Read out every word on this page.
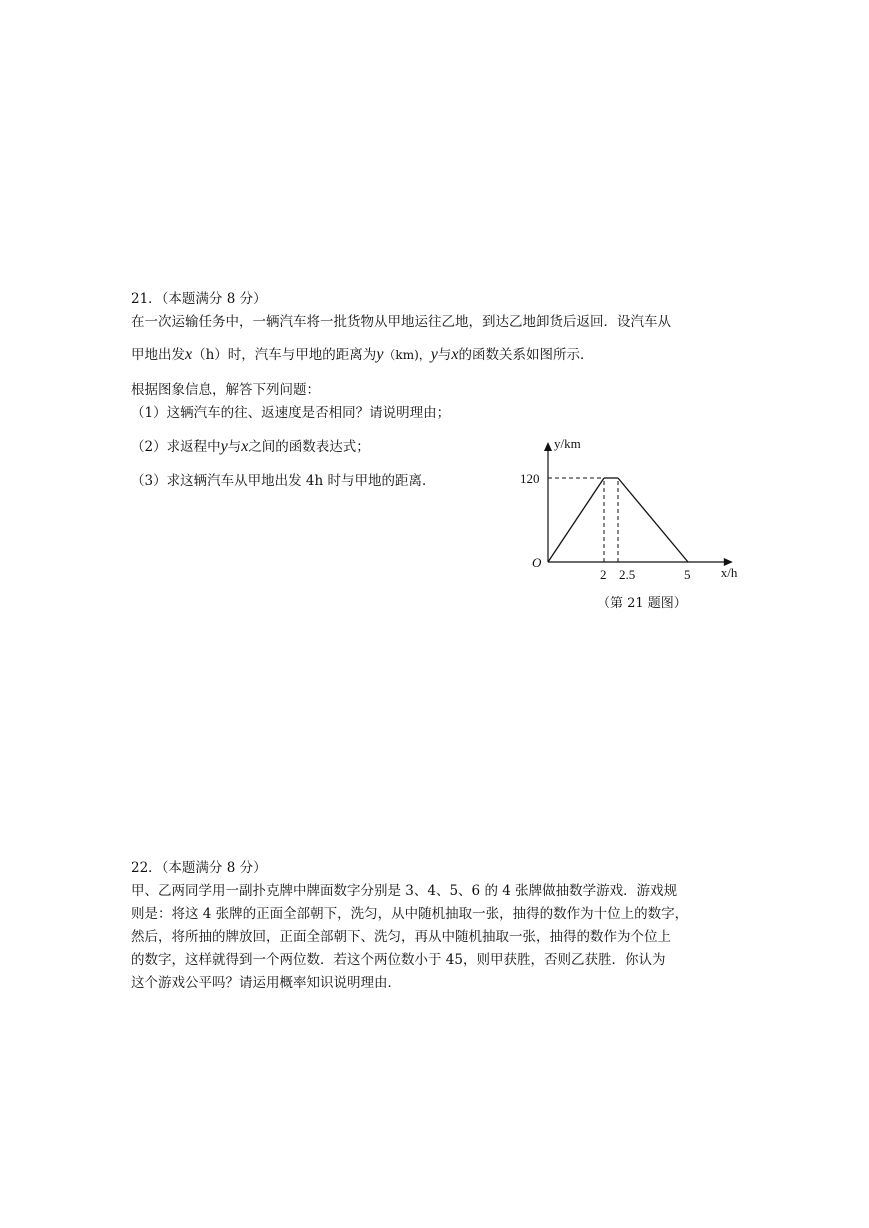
21．（本题满分 8 分）
在一次运输任务中，一辆汽车将一批货物从甲地运往乙地，到达乙地卸货后返回．设汽车从
甲地出发x（h）时，汽车与甲地的距离为y（km)，y与x的函数关系如图所示．
根据图象信息，解答下列问题：
（1）这辆汽车的往、返速度是否相同？请说明理由；
（2）求返程中y与x之间的函数表达式；
（3）求这辆汽车从甲地出发 4h 时与甲地的距离．
y/km
x/h
O
120
2 2.5	5
（第 21 题图）
22．（本题满分 8 分）
甲、乙两同学用一副扑克牌中牌面数字分别是 3、4、5、6 的 4 张牌做抽数学游戏．游戏规
则是：将这 4 张牌的正面全部朝下，洗匀，从中随机抽取一张，抽得的数作为十位上的数字，
然后，将所抽的牌放回，正面全部朝下、洗匀，再从中随机抽取一张，抽得的数作为个位上
的数字，这样就得到一个两位数．若这个两位数小于 45，则甲获胜，否则乙获胜．你认为
这个游戏公平吗？请运用概率知识说明理由．
